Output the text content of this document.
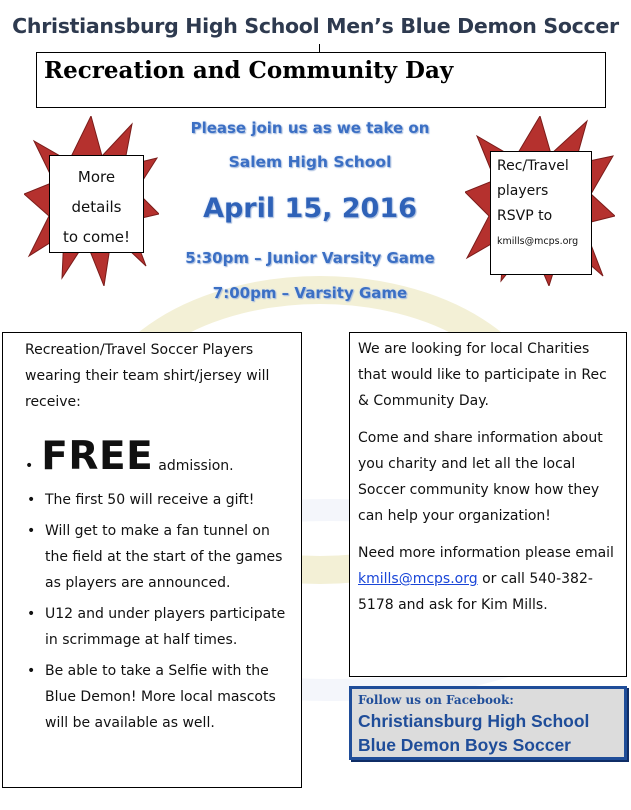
Christiansburg High School Men’s Blue Demon Soccer
Recreation and Community Day
More
details
to come!
Rec/Travel
players
RSVP to
kmills@mcps.org
Please join us as we take on
Salem High School
April 15, 2016
5:30pm – Junior Varsity Game
7:00pm – Varsity Game
Recreation/Travel Soccer Players wearing their team shirt/jersey will receive:
• FREE admission.
• The first 50 will receive a gift!
• Will get to make a fan tunnel on the field at the start of the games as players are announced.
• U12 and under players participate in scrimmage at half times.
• Be able to take a Selfie with the Blue Demon! More local mascots will be available as well.

We are looking for local Charities that would like to participate in Rec & Community Day.

Come and share information about you charity and let all the local Soccer community know how they can help your organization!

Need more information please email kmills@mcps.org or call 540-382-5178 and ask for Kim Mills.

Follow us on Facebook:
Christiansburg High School
Blue Demon Boys Soccer
